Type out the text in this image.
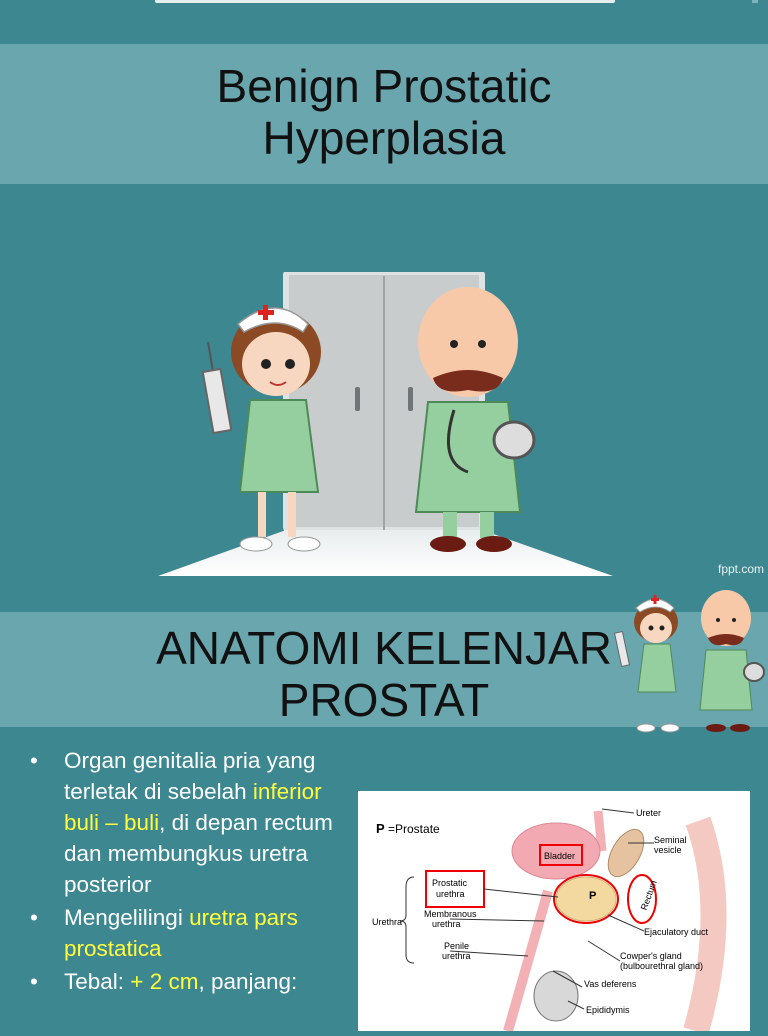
Benign Prostatic
Hyperplasia
fppt.com
ANATOMI KELENJAR
PROSTAT
• Organ genitalia pria yang terletak di sebelah inferior buli – buli, di depan rectum dan membungkus uretra posterior
• Mengelilingi uretra pars prostatica
• Tebal: + 2 cm, panjang:
P =Prostate
P
Urethra
Prostatic
urethra
Bladder
Ureter
Seminal
vesicle
Membranous
urethra
Penile
urethra
Rectum
Ejaculatory duct
Cowper's gland
(bulbourethral gland)
Vas deferens
Epididymis
